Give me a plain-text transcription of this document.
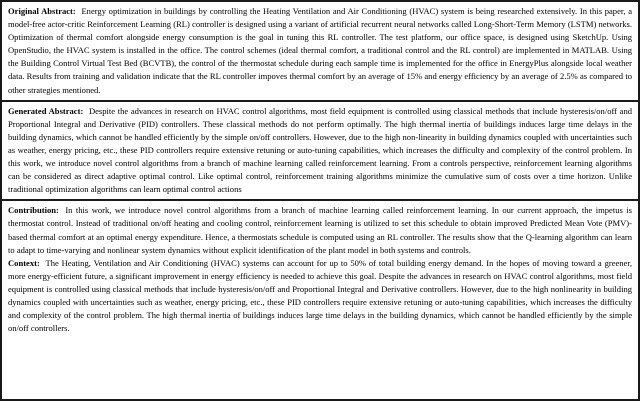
Original Abstract: Energy optimization in buildings by controlling the Heating Ventilation and Air Conditioning (HVAC) system is being researched extensively. In this paper, a model-free actor-critic Reinforcement Learning (RL) controller is designed using a variant of artificial recurrent neural networks called Long-Short-Term Memory (LSTM) networks. Optimization of thermal comfort alongside energy consumption is the goal in tuning this RL controller. The test platform, our office space, is designed using SketchUp. Using OpenStudio, the HVAC system is installed in the office. The control schemes (ideal thermal comfort, a traditional control and the RL control) are implemented in MATLAB. Using the Building Control Virtual Test Bed (BCVTB), the control of the thermostat schedule during each sample time is implemented for the office in EnergyPlus alongside local weather data. Results from training and validation indicate that the RL controller impoves thermal comfort by an average of 15% and energy efficiency by an average of 2.5% as compared to other strategies mentioned.

Generated Abstract: Despite the advances in research on HVAC control algorithms, most field equipment is controlled using classical methods that include hysteresis/on/off and Proportional Integral and Derivative (PID) controllers. These classical methods do not perform optimally. The high thermal inertia of buildings induces large time delays in the building dynamics, which cannot be handled efficiently by the simple on/off controllers. However, due to the high non-linearity in building dynamics coupled with uncertainties such as weather, energy pricing, etc., these PID controllers require extensive retuning or auto-tuning capabilities, which increases the difficulty and complexity of the control problem. In this work, we introduce novel control algorithms from a branch of machine learning called reinforcement learning. From a controls perspective, reinforcement learning algorithms can be considered as direct adaptive optimal control. Like optimal control, reinforcement training algorithms minimize the cumulative sum of costs over a time horizon. Unlike traditional optimization algorithms can learn optimal control actions

Contribution: In this work, we introduce novel control algorithms from a branch of machine learning called reinforcement learning. In our current approach, the impetus is thermostat control. Instead of traditional on/off heating and cooling control, reinforcement learning is utilized to set this schedule to obtain improved Predicted Mean Vote (PMV)-based thermal comfort at an optimal energy expenditure. Hence, a thermostats schedule is computed using an RL controller. The results show that the Q-learning algorithm can learn to adapt to time-varying and nonlinear system dynamics without explicit identification of the plant model in both systems and controls.

Context: The Heating, Ventilation and Air Conditioning (HVAC) systems can account for up to 50% of total building energy demand. In the hopes of moving toward a greener, more energy-efficient future, a significant improvement in energy efficiency is needed to achieve this goal. Despite the advances in research on HVAC control algorithms, most field equipment is controlled using classical methods that include hysteresis/on/off and Proportional Integral and Derivative controllers. However, due to the high nonlinearity in building dynamics coupled with uncertainties such as weather, energy pricing, etc., these PID controllers require extensive retuning or auto-tuning capabilities, which increases the difficulty and complexity of the control problem. The high thermal inertia of buildings induces large time delays in the building dynamics, which cannot be handled efficiently by the simple on/off controllers.
